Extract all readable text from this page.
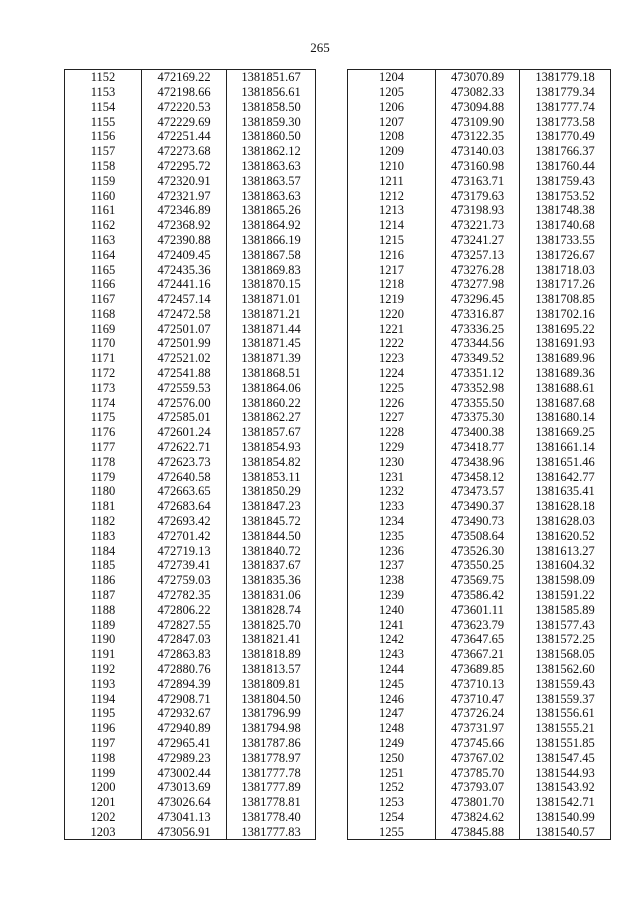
265
1152	472169.22	1381851.67
1153	472198.66	1381856.61
1154	472220.53	1381858.50
1155	472229.69	1381859.30
1156	472251.44	1381860.50
1157	472273.68	1381862.12
1158	472295.72	1381863.63
1159	472320.91	1381863.57
1160	472321.97	1381863.63
1161	472346.89	1381865.26
1162	472368.92	1381864.92
1163	472390.88	1381866.19
1164	472409.45	1381867.58
1165	472435.36	1381869.83
1166	472441.16	1381870.15
1167	472457.14	1381871.01
1168	472472.58	1381871.21
1169	472501.07	1381871.44
1170	472501.99	1381871.45
1171	472521.02	1381871.39
1172	472541.88	1381868.51
1173	472559.53	1381864.06
1174	472576.00	1381860.22
1175	472585.01	1381862.27
1176	472601.24	1381857.67
1177	472622.71	1381854.93
1178	472623.73	1381854.82
1179	472640.58	1381853.11
1180	472663.65	1381850.29
1181	472683.64	1381847.23
1182	472693.42	1381845.72
1183	472701.42	1381844.50
1184	472719.13	1381840.72
1185	472739.41	1381837.67
1186	472759.03	1381835.36
1187	472782.35	1381831.06
1188	472806.22	1381828.74
1189	472827.55	1381825.70
1190	472847.03	1381821.41
1191	472863.83	1381818.89
1192	472880.76	1381813.57
1193	472894.39	1381809.81
1194	472908.71	1381804.50
1195	472932.67	1381796.99
1196	472940.89	1381794.98
1197	472965.41	1381787.86
1198	472989.23	1381778.97
1199	473002.44	1381777.78
1200	473013.69	1381777.89
1201	473026.64	1381778.81
1202	473041.13	1381778.40
1203	473056.91	1381777.83
1204	473070.89	1381779.18
1205	473082.33	1381779.34
1206	473094.88	1381777.74
1207	473109.90	1381773.58
1208	473122.35	1381770.49
1209	473140.03	1381766.37
1210	473160.98	1381760.44
1211	473163.71	1381759.43
1212	473179.63	1381753.52
1213	473198.93	1381748.38
1214	473221.73	1381740.68
1215	473241.27	1381733.55
1216	473257.13	1381726.67
1217	473276.28	1381718.03
1218	473277.98	1381717.26
1219	473296.45	1381708.85
1220	473316.87	1381702.16
1221	473336.25	1381695.22
1222	473344.56	1381691.93
1223	473349.52	1381689.96
1224	473351.12	1381689.36
1225	473352.98	1381688.61
1226	473355.50	1381687.68
1227	473375.30	1381680.14
1228	473400.38	1381669.25
1229	473418.77	1381661.14
1230	473438.96	1381651.46
1231	473458.12	1381642.77
1232	473473.57	1381635.41
1233	473490.37	1381628.18
1234	473490.73	1381628.03
1235	473508.64	1381620.52
1236	473526.30	1381613.27
1237	473550.25	1381604.32
1238	473569.75	1381598.09
1239	473586.42	1381591.22
1240	473601.11	1381585.89
1241	473623.79	1381577.43
1242	473647.65	1381572.25
1243	473667.21	1381568.05
1244	473689.85	1381562.60
1245	473710.13	1381559.43
1246	473710.47	1381559.37
1247	473726.24	1381556.61
1248	473731.97	1381555.21
1249	473745.66	1381551.85
1250	473767.02	1381547.45
1251	473785.70	1381544.93
1252	473793.07	1381543.92
1253	473801.70	1381542.71
1254	473824.62	1381540.99
1255	473845.88	1381540.57
